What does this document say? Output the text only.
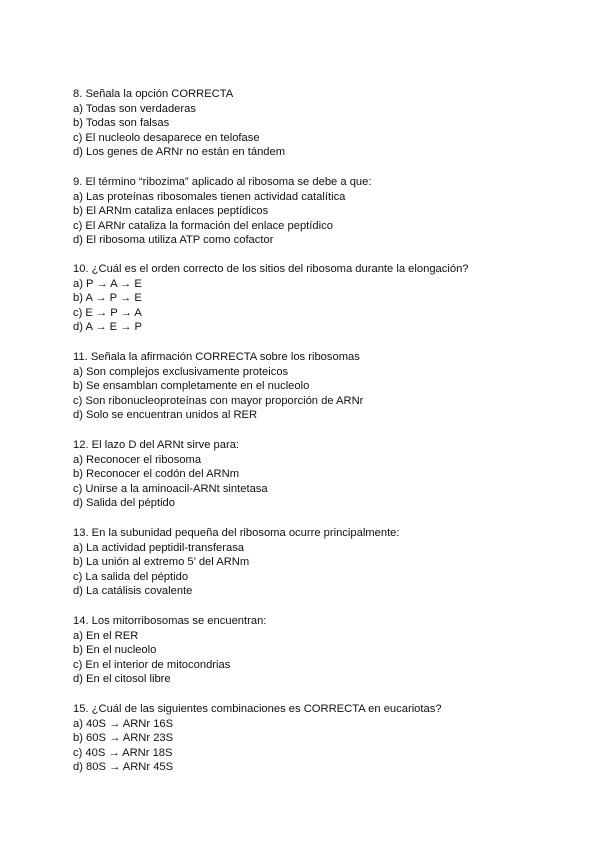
8. Señala la opción CORRECTA
a) Todas son verdaderas
b) Todas son falsas
c) El nucleolo desaparece en telofase
d) Los genes de ARNr no están en tándem
9. El término “ribozima” aplicado al ribosoma se debe a que:
a) Las proteínas ribosomales tienen actividad catalítica
b) El ARNm cataliza enlaces peptídicos
c) El ARNr cataliza la formación del enlace peptídico
d) El ribosoma utiliza ATP como cofactor
10. ¿Cuál es el orden correcto de los sitios del ribosoma durante la elongación?
a) P → A → E
b) A → P → E
c) E → P → A
d) A → E → P
11. Señala la afirmación CORRECTA sobre los ribosomas
a) Son complejos exclusivamente proteicos
b) Se ensamblan completamente en el nucleolo
c) Son ribonucleoproteínas con mayor proporción de ARNr
d) Solo se encuentran unidos al RER
12. El lazo D del ARNt sirve para:
a) Reconocer el ribosoma
b) Reconocer el codón del ARNm
c) Unirse a la aminoacil-ARNt sintetasa
d) Salida del péptido
13. En la subunidad pequeña del ribosoma ocurre principalmente:
a) La actividad peptidil-transferasa
b) La unión al extremo 5’ del ARNm
c) La salida del péptido
d) La catálisis covalente
14. Los mitorribosomas se encuentran:
a) En el RER
b) En el nucleolo
c) En el interior de mitocondrias
d) En el citosol libre
15. ¿Cuál de las siguientes combinaciones es CORRECTA en eucariotas?
a) 40S → ARNr 16S
b) 60S → ARNr 23S
c) 40S → ARNr 18S
d) 80S → ARNr 45S
